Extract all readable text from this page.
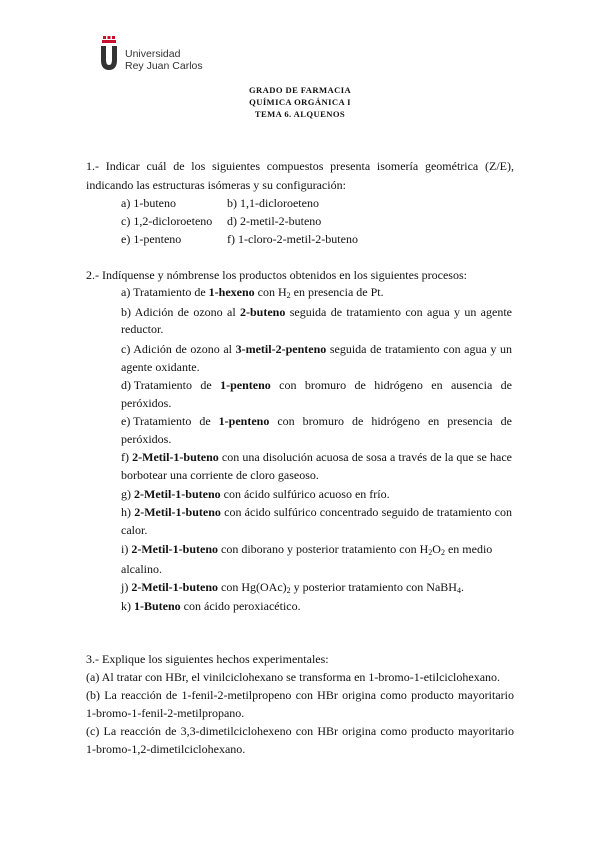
Universidad
Rey Juan Carlos
GRADO DE FARMACIA
QUÍMICA ORGÁNICA I
TEMA 6. ALQUENOS
1.- Indicar cuál de los siguientes compuestos presenta isomería geométrica (Z/E),
indicando las estructuras isómeras y su configuración:
a) 1-buteno	b) 1,1-dicloroeteno
c) 1,2-dicloroeteno d) 2-metil-2-buteno
e) 1-penteno	f) 1-cloro-2-metil-2-buteno
2.- Indíquense y nómbrense los productos obtenidos en los siguientes procesos:
a) Tratamiento de 1-hexeno con $H_2$ en presencia de Pt.
b) Adición de ozono al 2-buteno seguida de tratamiento con agua y un agente
reductor.
c) Adición de ozono al 3-metil-2-penteno seguida de tratamiento con agua y un
agente oxidante.
d) Tratamiento de 1-penteno con bromuro de hidrógeno en ausencia de
peróxidos.
e) Tratamiento de 1-penteno con bromuro de hidrógeno en presencia de
peróxidos.
f) 2-Metil-1-buteno con una disolución acuosa de sosa a través de la que se hace
borbotear una corriente de cloro gaseoso.
g) 2-Metil-1-buteno con ácido sulfúrico acuoso en frío.
h) 2-Metil-1-buteno con ácido sulfúrico concentrado seguido de tratamiento con
calor.
i) 2-Metil-1-buteno con diborano y posterior tratamiento con $H_2O_2$ en medio
alcalino.
j) 2-Metil-1-buteno con $Hg(OAc)_2$ y posterior tratamiento con NaBH$_4$.
k) 1-Buteno con ácido peroxiacético.
3.- Explique los siguientes hechos experimentales:
(a) Al tratar con HBr, el vinilciclohexano se transforma en 1-bromo-1-etilciclohexano.
(b) La reacción de 1-fenil-2-metilpropeno con HBr origina como producto mayoritario
1-bromo-1-fenil-2-metilpropano.
(c) La reacción de 3,3-dimetilciclohexeno con HBr origina como producto mayoritario
1-bromo-1,2-dimetilciclohexano.
